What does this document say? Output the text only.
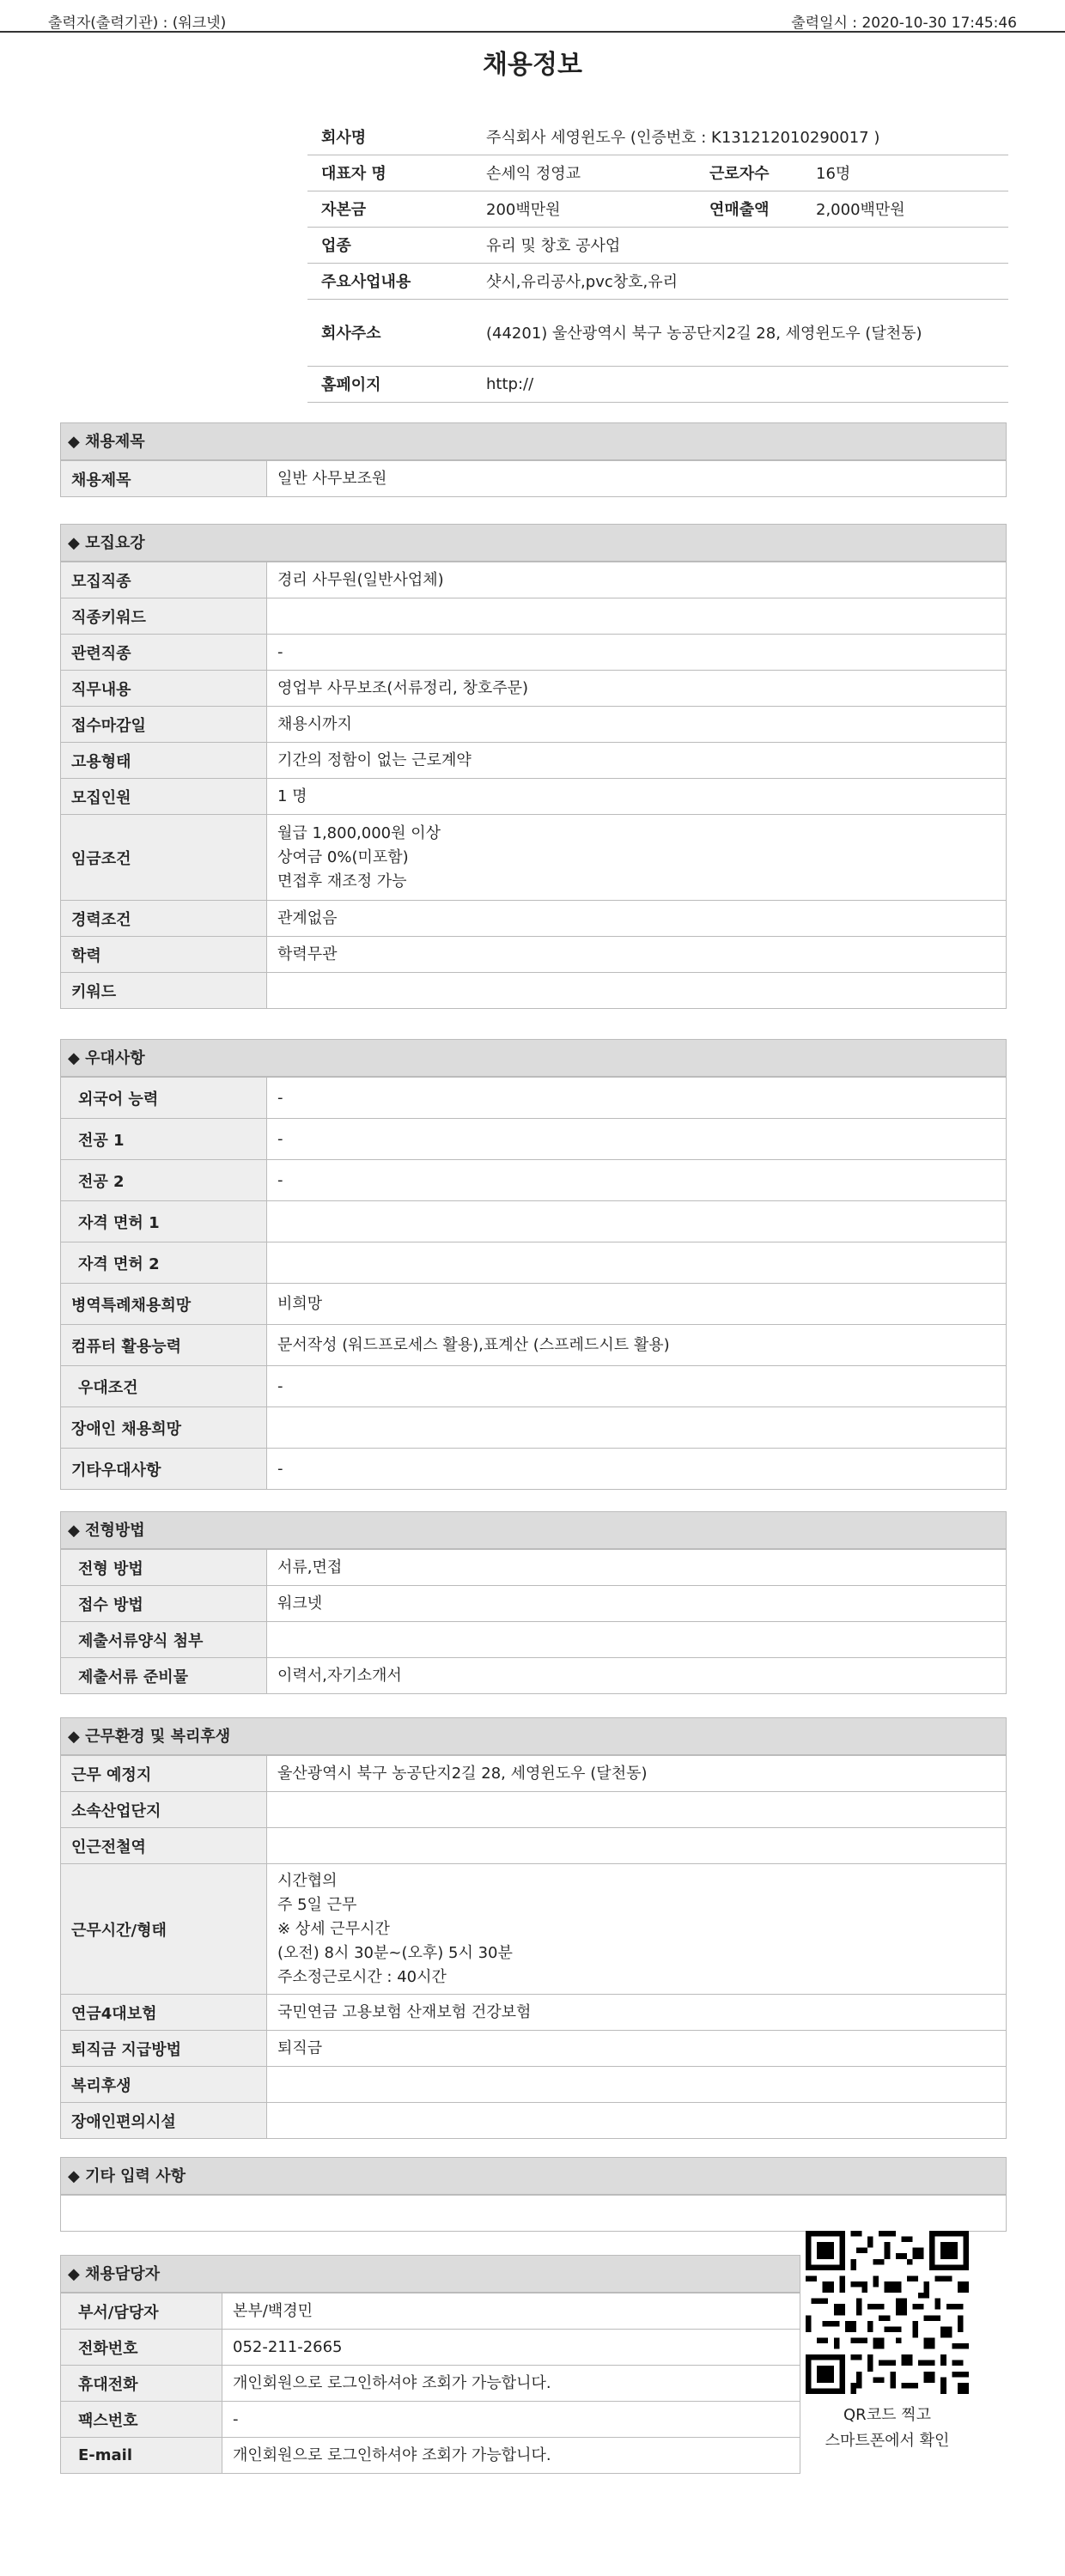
출력자(출력기관) : (워크넷)	출력일시 : 2020-10-30 17:45:46
채용정보
회사명	주식회사 세영윈도우 (인증번호 : K131212010290017 )		
대표자 명	손세익 정영교	근로자수	16명
자본금	200백만원	연매출액	2,000백만원
업종	유리 및 창호 공사업		
주요사업내용	샷시,유리공사,pvc창호,유리		
회사주소	(44201) 울산광역시 북구 농공단지2길 28, 세영윈도우 (달천동)		
홈페이지	http://		
◆ 채용제목
채용제목	일반 사무보조원
◆ 모집요강
모집직종	경리 사무원(일반사업체)
직종키워드	
관련직종	-
직무내용	영업부 사무보조(서류정리, 창호주문)
접수마감일	채용시까지
고용형태	기간의 정함이 없는 근로계약
모집인원	1 명
임금조건	월급 1,800,000원 이상
상여금 0%(미포함)
면접후 재조정 가능

경력조건	관계없음
학력	학력무관
키워드	
◆ 우대사항
외국어 능력	-
전공 1	-
전공 2	-
자격 면허 1	
자격 면허 2	
병역특례채용희망	비희망
컴퓨터 활용능력	문서작성 (워드프로세스 활용),표계산 (스프레드시트 활용)
우대조건	-
장애인 채용희망	
기타우대사항	-
◆ 전형방법
전형 방법	서류,면접
접수 방법	워크넷
제출서류양식 첨부	
제출서류 준비물	이력서,자기소개서
◆ 근무환경 및 복리후생
근무 예정지	울산광역시 북구 농공단지2길 28, 세영윈도우 (달천동)
소속산업단지	
인근전철역	
근무시간/형태	시간협의
주 5일 근무
※ 상세 근무시간
(오전) 8시 30분~(오후) 5시 30분
주소정근로시간 : 40시간

연금4대보험	국민연금 고용보험 산재보험 건강보험
퇴직금 지급방법	퇴직금
복리후생	
장애인편의시설	
◆ 기타 입력 사항
◆ 채용담당자
부서/담당자	본부/백경민
전화번호	052-211-2665
휴대전화	개인회원으로 로그인하셔야 조회가 가능합니다.
팩스번호	-
E-mail	개인회원으로 로그인하셔야 조회가 가능합니다.
QR코드 찍고
스마트폰에서 확인
